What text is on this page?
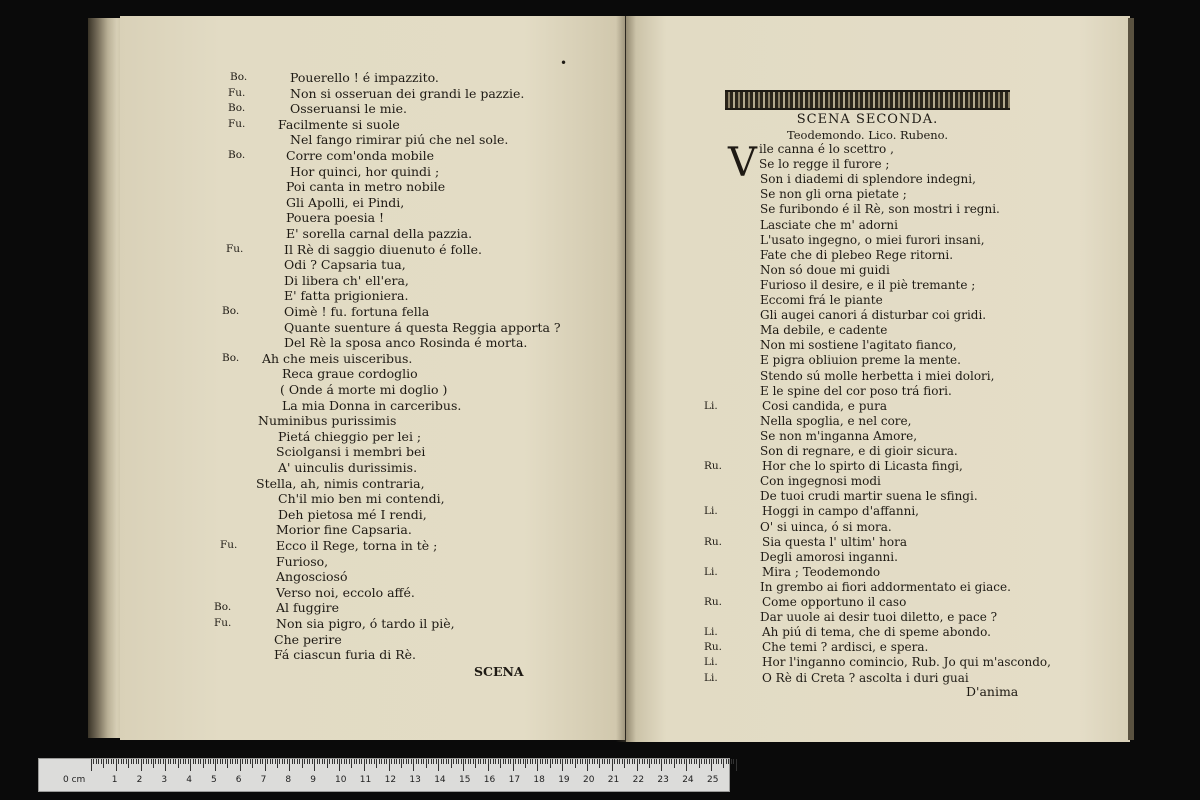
•
Bo.	Pouerello ! é impazzito.
Fu.	Non si osseruan dei grandi le pazzie.
Bo.	Osseruansi le mie.
Fu.	Facilmente si suole
Nel fango rimirar piú che nel sole.
Bo.	Corre com'onda mobile
Hor quinci, hor quindi ;
Poi canta in metro nobile
Gli Apolli, ei Pindi,
Pouera poesia !
E' sorella carnal della pazzia.
Fu.	Il Rè di saggio diuenuto é folle.
Odi ? Capsaria tua,
Di libera ch' ell'era,
E' fatta prigioniera.
Bo.	Oimè ! fu. fortuna fella
Quante suenture á questa Reggia apporta ?
Del Rè la sposa anco Rosinda é morta.
Bo. Ah che meis uisceribus.
Reca graue cordoglio
( Onde á morte mi doglio )
La mia Donna in carceribus.
Numinibus purissimis
Pietá chieggio per lei ;
Sciolgansi i membri bei
A' uinculis durissimis.
Stella, ah, nimis contraria,
Ch'il mio ben mi contendi,
Deh pietosa mé I rendi,
Morior fine Capsaria.
Fu.	Ecco il Rege, torna in tè ;
Furioso,
Angosciosó
Verso noi, eccolo affé.
Bo.	Al fuggire
Fu.	Non sia pigro, ó tardo il piè,
Che perire
Fá ciascun furia di Rè.
SCENA
SCENA SECONDA.
Teodemondo. Lico. Rubeno.
V ile canna é lo scettro ,
Se lo regge il furore ;
Son i diademi di splendore indegni,
Se non gli orna pietate ;
Se furibondo é il Rè, son mostri i regni.
Lasciate che m' adorni
L'usato ingegno, o miei furori insani,
Fate che di plebeo Rege ritorni.
Non só doue mi guidi
Furioso il desire, e il piè tremante ;
Eccomi frá le piante
Gli augei canori á disturbar coi gridi.
Ma debile, e cadente
Non mi sostiene l'agitato fianco,
E pigra obliuion preme la mente.
Stendo sú molle herbetta i miei dolori,
E le spine del cor poso trá fiori.
Li.	Cosi candida, e pura
Nella spoglia, e nel core,
Se non m'inganna Amore,
Son di regnare, e di gioir sicura.
Ru.	Hor che lo spirto di Licasta fingi,
Con ingegnosi modi
De tuoi crudi martir suena le sfingi.
Li.	Hoggi in campo d'affanni,
O' si uinca, ó si mora.
Ru.	Sia questa l' ultim' hora
Degli amorosi inganni.
Li.	Mira ; Teodemondo
In grembo ai fiori addormentato ei giace.
Ru.	Come opportuno il caso
Dar uuole ai desir tuoi diletto, e pace ?
Li.	Ah piú di tema, che di speme abondo.
Ru.	Che temi ? ardisci, e spera.
Li.	Hor l'inganno comincio, Rub. Jo qui m'ascondo,
Li.	O Rè di Creta ? ascolta i duri guai
D'anima
0 cm	1 2 3 4 5 6 7 8 9 10 11 12 13 14 15 16 17 18 19 20 21 22 23 24 25
